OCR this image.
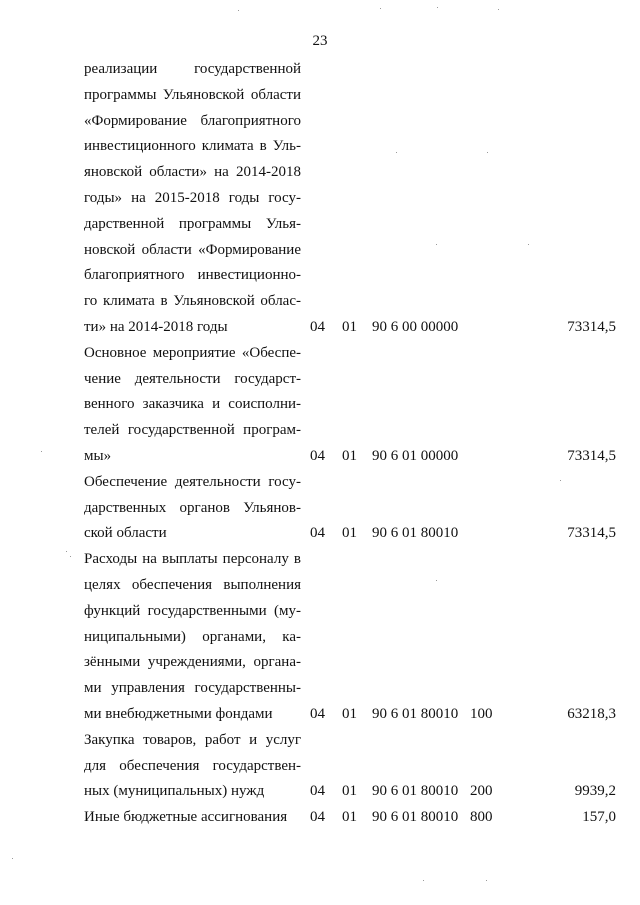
23
реализации государственной
программы Ульяновской области
«Формирование благоприятного
инвестиционного климата в Уль-
яновской области» на 2014-2018
годы» на 2015-2018 годы госу-
дарственной программы Улья-
новской области «Формирование
благоприятного инвестиционно-
го климата в Ульяновской облас-
ти» на 2014-2018 годы	04 01 90 6 00 00000	73314,5
Основное мероприятие «Обеспе-
чение деятельности государст-
венного заказчика и соисполни-
телей государственной програм-
мы»	04 01 90 6 01 00000	73314,5
Обеспечение деятельности госу-
дарственных органов Ульянов-
ской области	04 01 90 6 01 80010	73314,5
Расходы на выплаты персоналу в
целях обеспечения выполнения
функций государственными (му-
ниципальными) органами, ка-
зёнными учреждениями, органа-
ми управления государственны-
ми внебюджетными фондами	04 01 90 6 01 80010 100	63218,3
Закупка товаров, работ и услуг
для обеспечения государствен-
ных (муниципальных) нужд	04 01 90 6 01 80010 200	9939,2
Иные бюджетные ассигнования	04 01 90 6 01 80010 800	157,0
